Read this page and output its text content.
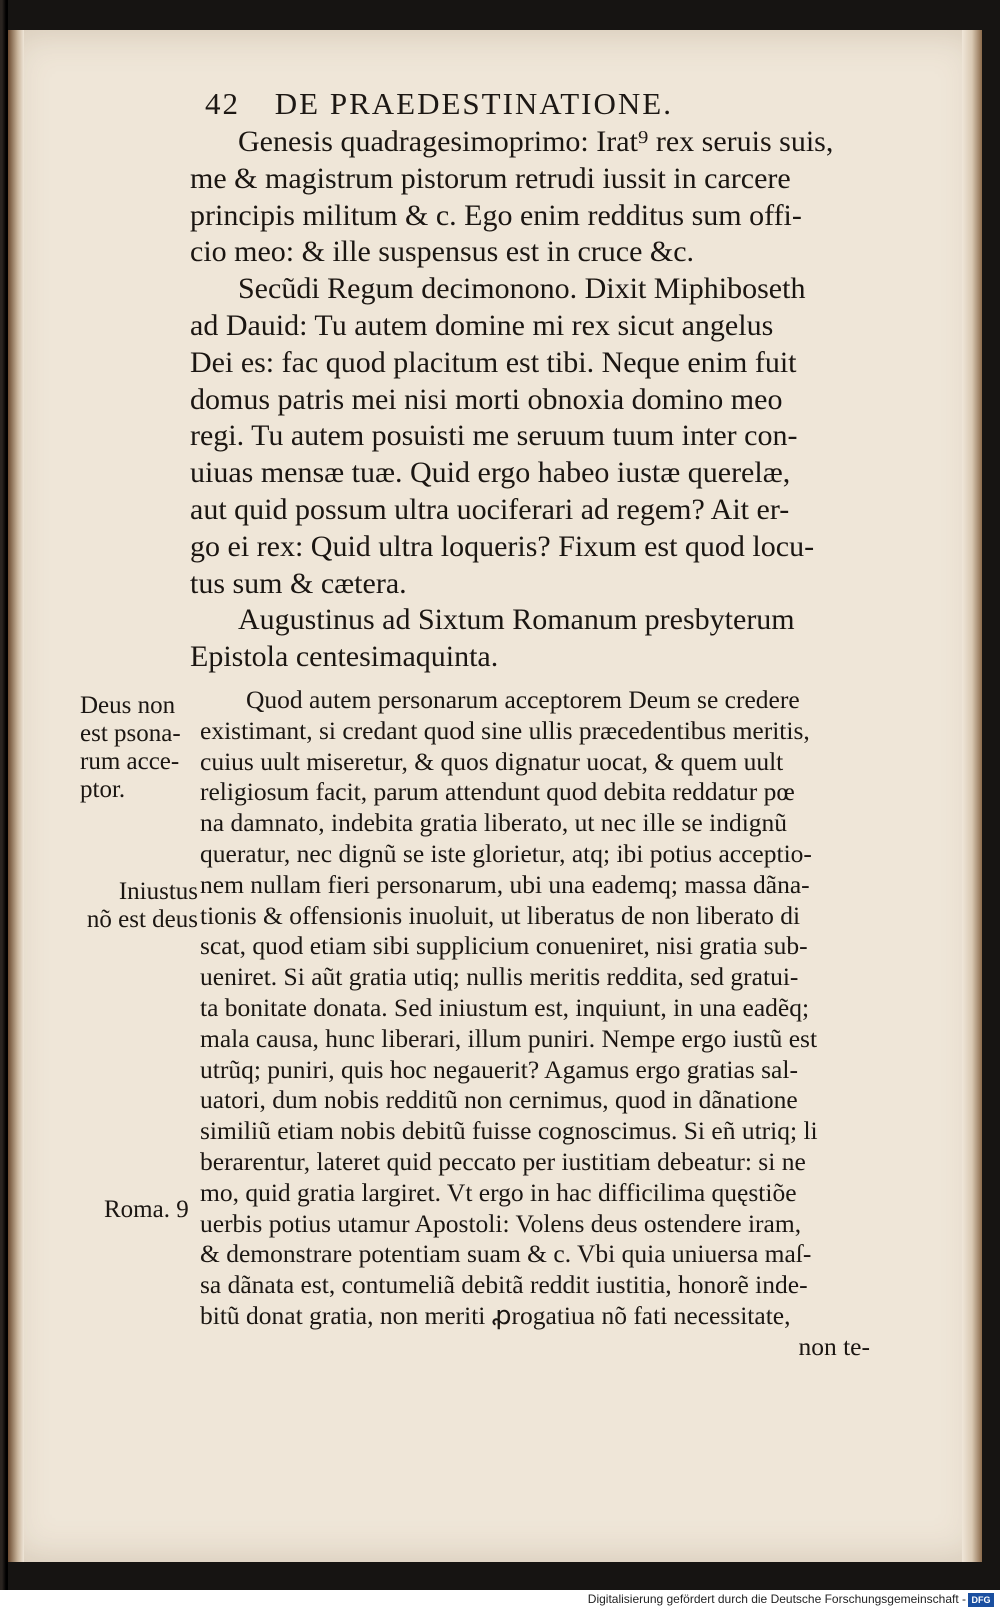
42 DE PRAEDESTINATIONE.
Genesis quadragesimoprimo: Irat⁹ rex seruis suis,
me & magistrum pistorum retrudi iussit in carcere
principis militum & c. Ego enim redditus sum offi-
cio meo: & ille suspensus est in cruce &c.
Secũdi Regum decimonono. Dixit Miphiboseth
ad Dauid: Tu autem domine mi rex sicut angelus
Dei es: fac quod placitum est tibi. Neque enim fuit
domus patris mei nisi morti obnoxia domino meo
regi. Tu autem posuisti me seruum tuum inter con-
uiuas mensæ tuæ. Quid ergo habeo iustæ querelæ,
aut quid possum ultra uociferari ad regem? Ait er-
go ei rex: Quid ultra loqueris? Fixum est quod locu-
tus sum & cætera.
Augustinus ad Sixtum Romanum presbyterum
Epistola centesimaquinta.
Quod autem personarum acceptorem Deum se credere
existimant, si credant quod sine ullis præcedentibus meritis,
cuius uult miseretur, & quos dignatur uocat, & quem uult
religiosum facit, parum attendunt quod debita reddatur pœ
na damnato, indebita gratia liberato, ut nec ille se indignũ
queratur, nec dignũ se iste glorietur, atq; ibi potius acceptio-
nem nullam fieri personarum, ubi una eademq; massa dãna-
tionis & offensionis inuoluit, ut liberatus de non liberato di
scat, quod etiam sibi supplicium conueniret, nisi gratia sub-
ueniret. Si aũt gratia utiq; nullis meritis reddita, sed gratui-
ta bonitate donata. Sed iniustum est, inquiunt, in una eadẽq;
mala causa, hunc liberari, illum puniri. Nempe ergo iustũ est
utrũq; puniri, quis hoc negauerit? Agamus ergo gratias sal-
uatori, dum nobis redditũ non cernimus, quod in dãnatione
similiũ etiam nobis debitũ fuisse cognoscimus. Si eñ utriq; li
berarentur, lateret quid peccato per iustitiam debeatur: si ne
mo, quid gratia largiret. Vt ergo in hac difficilima quęstiõe
uerbis potius utamur Apostoli: Volens deus ostendere iram,
& demonstrare potentiam suam & c. Vbi quia uniuersa maſ-
sa dãnata est, contumeliã debitã reddit iustitia, honorẽ inde-
bitũ donat gratia, non meriti ꝓrogatiua nõ fati necessitate,
non te-
Deus non
est psona-
rum acce-
ptor.
Iniustus
nõ est deus
Roma. 9
Digitalisierung gefördert durch die Deutsche Forschungsgemeinschaft - DFG
